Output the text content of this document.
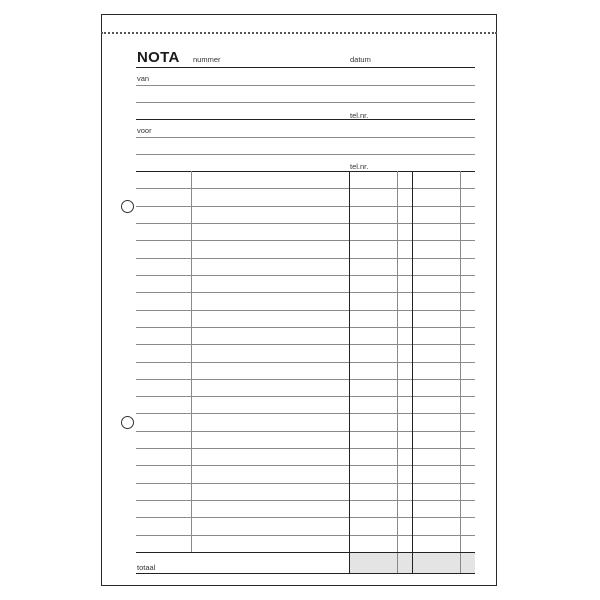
NOTA nummer	datum
van
tel.nr.
voor
tel.nr.
totaal
